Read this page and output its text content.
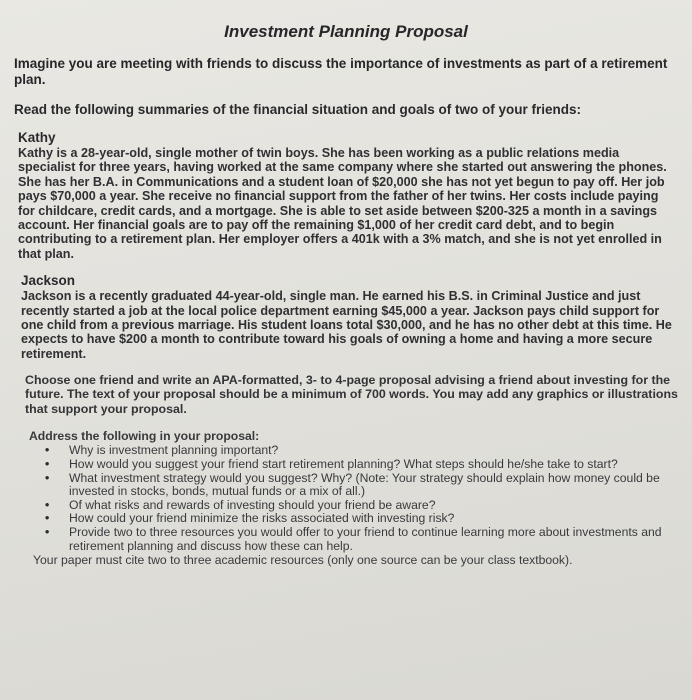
Investment Planning Proposal

Imagine you are meeting with friends to discuss the importance of investments as part of a retirement plan.

Read the following summaries of the financial situation and goals of two of your friends:

Kathy
Kathy is a 28-year-old, single mother of twin boys. She has been working as a public relations media specialist for three years, having worked at the same company where she started out answering the phones. She has her B.A. in Communications and a student loan of $20,000 she has not yet begun to pay off. Her job pays $70,000 a year. She receive no financial support from the father of her twins. Her costs include paying for childcare, credit cards, and a mortgage. She is able to set aside between $200-325 a month in a savings account. Her financial goals are to pay off the remaining $1,000 of her credit card debt, and to begin contributing to a retirement plan. Her employer offers a 401k with a 3% match, and she is not yet enrolled in that plan.
Jackson
Jackson is a recently graduated 44-year-old, single man. He earned his B.S. in Criminal Justice and just recently started a job at the local police department earning $45,000 a year. Jackson pays child support for one child from a previous marriage. His student loans total $30,000, and he has no other debt at this time. He expects to have $200 a month to contribute toward his goals of owning a home and having a more secure retirement.
Choose one friend and write an APA-formatted, 3- to 4-page proposal advising a friend about investing for the future. The text of your proposal should be a minimum of 700 words. You may add any graphics or illustrations that support your proposal.
Address the following in your proposal:
• Why is investment planning important?
• How would you suggest your friend start retirement planning? What steps should he/she take to start?
• What investment strategy would you suggest? Why? (Note: Your strategy should explain how money could be invested in stocks, bonds, mutual funds or a mix of all.)
• Of what risks and rewards of investing should your friend be aware?
• How could your friend minimize the risks associated with investing risk?
• Provide two to three resources you would offer to your friend to continue learning more about investments and retirement planning and discuss how these can help.
Your paper must cite two to three academic resources (only one source can be your class textbook).
